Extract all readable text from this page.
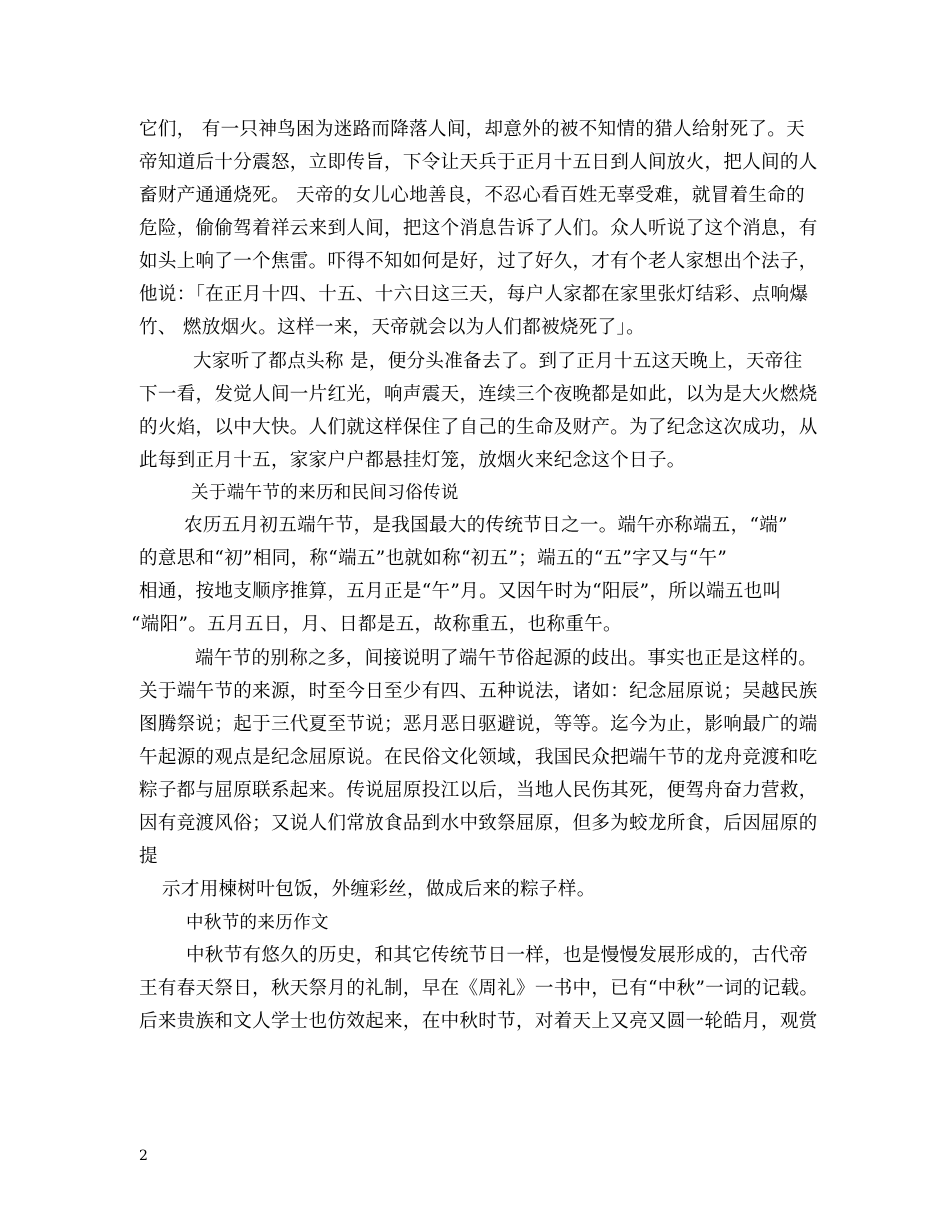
它们， 有一只神鸟困为迷路而降落人间，却意外的被不知情的猎人给射死了。天
帝知道后十分震怒，立即传旨，下令让天兵于正月十五日到人间放火，把人间的人
畜财产通通烧死。 天帝的女儿心地善良，不忍心看百姓无辜受难，就冒着生命的
危险，偷偷驾着祥云来到人间，把这个消息告诉了人们。众人听说了这个消息，有
如头上响了一个焦雷。吓得不知如何是好，过了好久，才有个老人家想出个法子，
他说：「在正月十四、十五、十六日这三天，每户人家都在家里张灯结彩、点响爆
竹、 燃放烟火。这样一来，天帝就会以为人们都被烧死了」。
大家听了都点头称 是，便分头准备去了。到了正月十五这天晚上，天帝往
下一看，发觉人间一片红光，响声震天，连续三个夜晚都是如此，以为是大火燃烧
的火焰，以中大快。人们就这样保住了自己的生命及财产。为了纪念这次成功，从
此每到正月十五，家家户户都悬挂灯笼，放烟火来纪念这个日子。
关于端午节的来历和民间习俗传说
农历五月初五端午节，是我国最大的传统节日之一。端午亦称端五，“端”
的意思和“初”相同，称“端五”也就如称“初五”；端五的“五”字又与“午”
相通，按地支顺序推算，五月正是“午”月。又因午时为“阳辰”，所以端五也叫
“端阳”。五月五日，月、日都是五，故称重五，也称重午。
端午节的别称之多，间接说明了端午节俗起源的歧出。事实也正是这样的。
关于端午节的来源，时至今日至少有四、五种说法，诸如：纪念屈原说；吴越民族
图腾祭说；起于三代夏至节说；恶月恶日驱避说，等等。迄今为止，影响最广的端
午起源的观点是纪念屈原说。在民俗文化领域，我国民众把端午节的龙舟竞渡和吃
粽子都与屈原联系起来。传说屈原投江以后，当地人民伤其死，便驾舟奋力营救，
因有竞渡风俗；又说人们常放食品到水中致祭屈原，但多为蛟龙所食，后因屈原的
提
示才用楝树叶包饭，外缠彩丝，做成后来的粽子样。
中秋节的来历作文
中秋节有悠久的历史，和其它传统节日一样，也是慢慢发展形成的，古代帝
王有春天祭日，秋天祭月的礼制，早在《周礼》一书中，已有“中秋”一词的记载。
后来贵族和文人学士也仿效起来，在中秋时节，对着天上又亮又圆一轮皓月，观赏
2
